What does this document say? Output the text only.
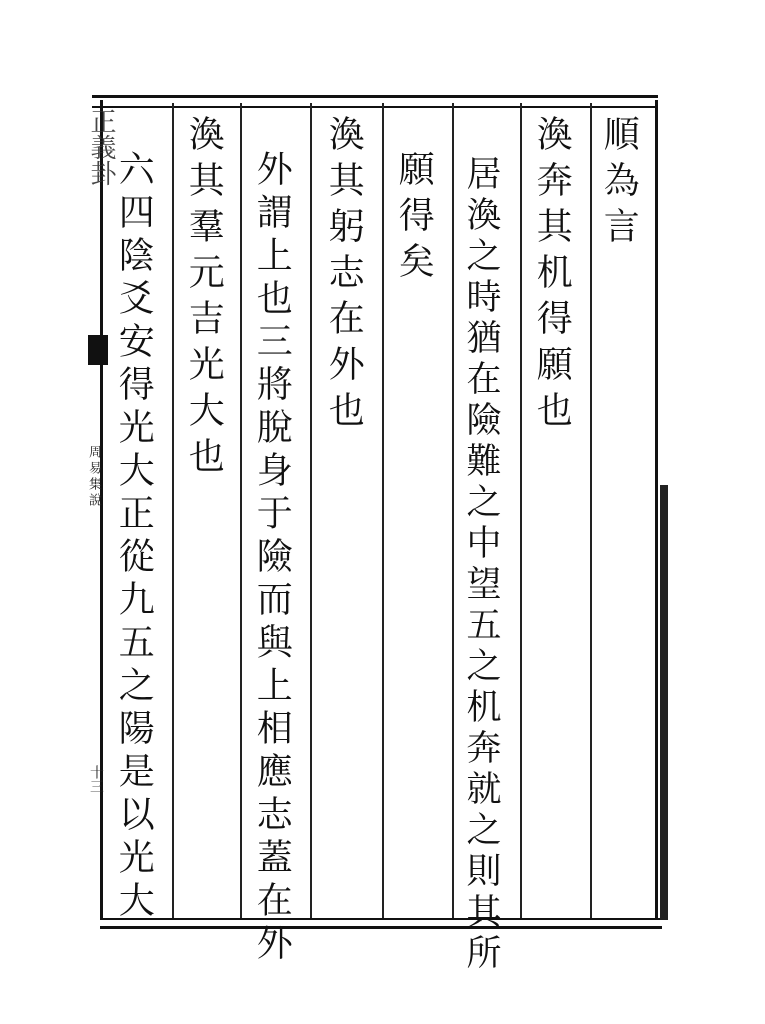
正義卦
周易集說
十三
順為言
渙奔其机得願也
居渙之時猶在險難之中望五之机奔就之則其所
願得矣
渙其躬志在外也
外謂上也三將脫身于險而與上相應志蓋在外
渙其羣元吉光大也
六四陰爻安得光大正從九五之陽是以光大
